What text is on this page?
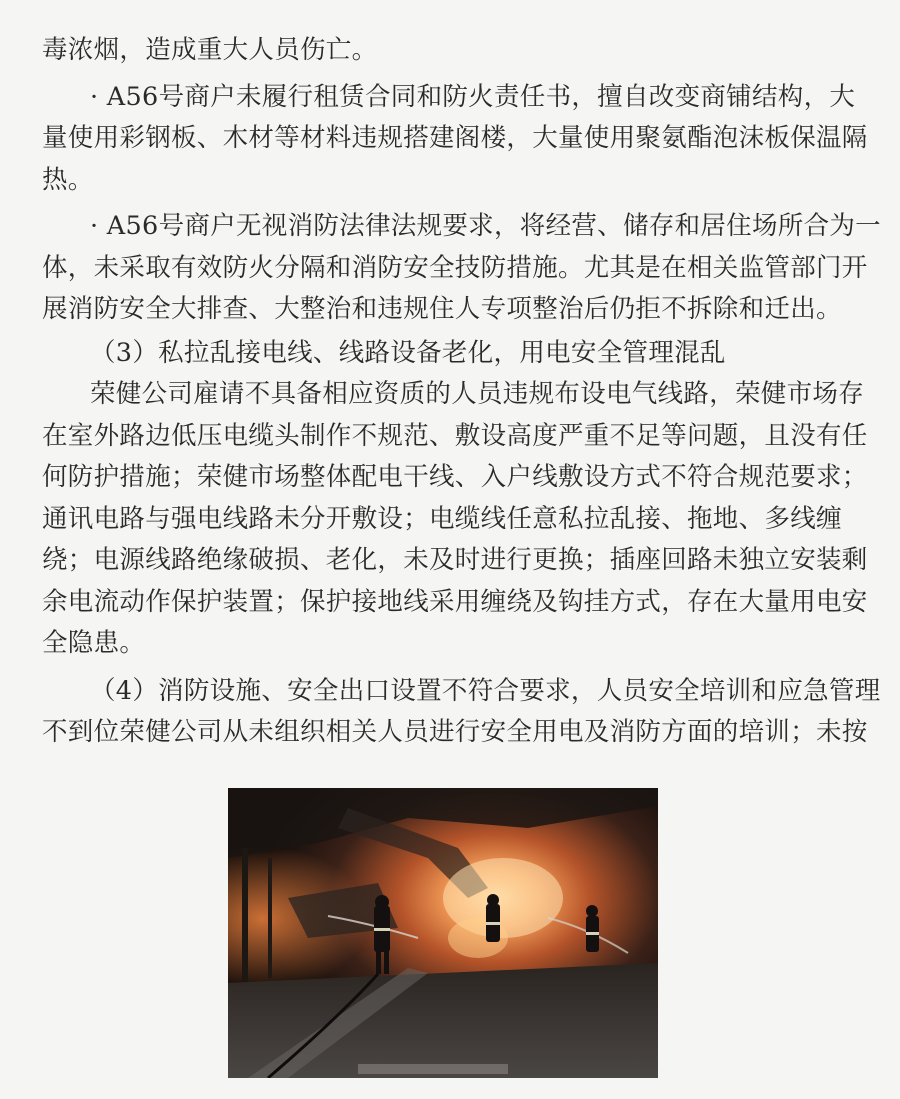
毒浓烟，造成重大人员伤亡。
· A56号商户未履行租赁合同和防火责任书，擅自改变商铺结构，大
量使用彩钢板、木材等材料违规搭建阁楼，大量使用聚氨酯泡沫板保温隔
热。
· A56号商户无视消防法律法规要求，将经营、储存和居住场所合为一
体，未采取有效防火分隔和消防安全技防措施。尤其是在相关监管部门开
展消防安全大排查、大整治和违规住人专项整治后仍拒不拆除和迁出。
（3）私拉乱接电线、线路设备老化，用电安全管理混乱
荣健公司雇请不具备相应资质的人员违规布设电气线路，荣健市场存
在室外路边低压电缆头制作不规范、敷设高度严重不足等问题，且没有任
何防护措施；荣健市场整体配电干线、入户线敷设方式不符合规范要求；
通讯电路与强电线路未分开敷设；电缆线任意私拉乱接、拖地、多线缠
绕；电源线路绝缘破损、老化，未及时进行更换；插座回路未独立安装剩
余电流动作保护装置；保护接地线采用缠绕及钩挂方式，存在大量用电安
全隐患。
（4）消防设施、安全出口设置不符合要求，人员安全培训和应急管理
不到位荣健公司从未组织相关人员进行安全用电及消防方面的培训；未按
